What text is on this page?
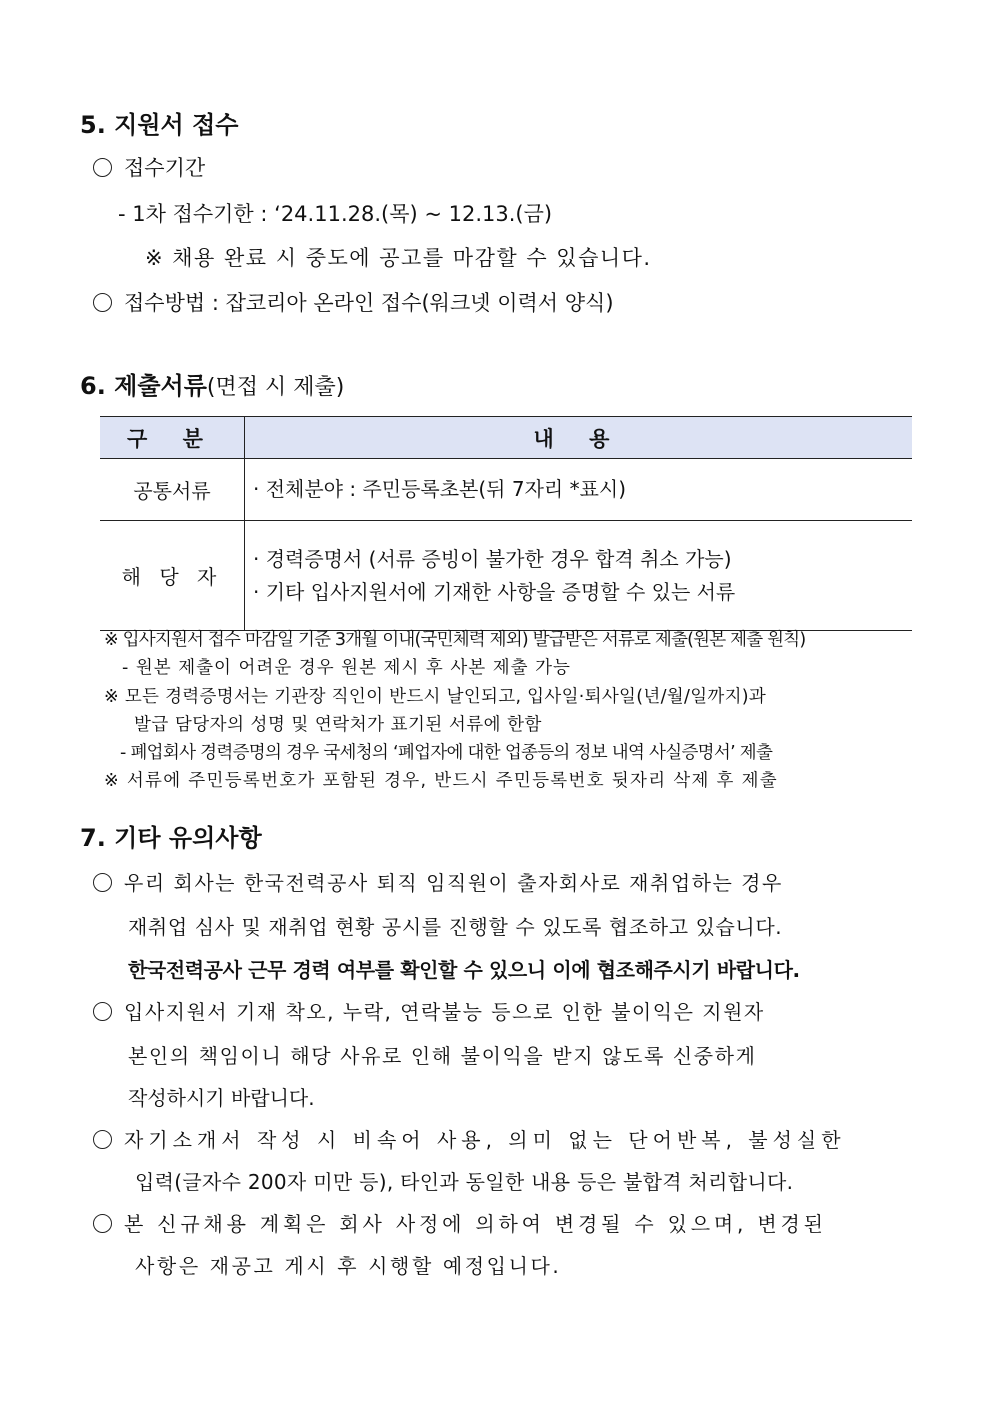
5. 지원서 접수
접수기간
- 1차 접수기한 : ‘24.11.28.(목) ~ 12.13.(금)
※ 채용 완료 시 중도에 공고를 마감할 수 있습니다.
접수방법 : 잡코리아 온라인 접수(워크넷 이력서 양식)
6. 제출서류(면접 시 제출)
구 분	내 용
공통서류	· 전체분야 : 주민등록초본(뒤 7자리 *표시)

해 당 자	· 경력증명서 (서류 증빙이 불가한 경우 합격 취소 가능)
· 기타 입사지원서에 기재한 사항을 증명할 수 있는 서류
※ 입사지원서 접수 마감일 기준 3개월 이내(국민체력 제외) 발급받은 서류로 제출(원본 제출 원칙)
- 원본 제출이 어려운 경우 원본 제시 후 사본 제출 가능
※ 모든 경력증명서는 기관장 직인이 반드시 날인되고, 입사일·퇴사일(년/월/일까지)과
발급 담당자의 성명 및 연락처가 표기된 서류에 한함
- 폐업회사 경력증명의 경우 국세청의 ‘폐업자에 대한 업종등의 정보 내역 사실증명서’ 제출
※ 서류에 주민등록번호가 포함된 경우, 반드시 주민등록번호 뒷자리 삭제 후 제출
7. 기타 유의사항
우리 회사는 한국전력공사 퇴직 임직원이 출자회사로 재취업하는 경우
재취업 심사 및 재취업 현황 공시를 진행할 수 있도록 협조하고 있습니다.
한국전력공사 근무 경력 여부를 확인할 수 있으니 이에 협조해주시기 바랍니다.
입사지원서 기재 착오, 누락, 연락불능 등으로 인한 불이익은 지원자
본인의 책임이니 해당 사유로 인해 불이익을 받지 않도록 신중하게
작성하시기 바랍니다.
자기소개서 작성 시 비속어 사용, 의미 없는 단어반복, 불성실한
입력(글자수 200자 미만 등), 타인과 동일한 내용 등은 불합격 처리합니다.
본 신규채용 계획은 회사 사정에 의하여 변경될 수 있으며, 변경된
사항은 재공고 게시 후 시행할 예정입니다.
